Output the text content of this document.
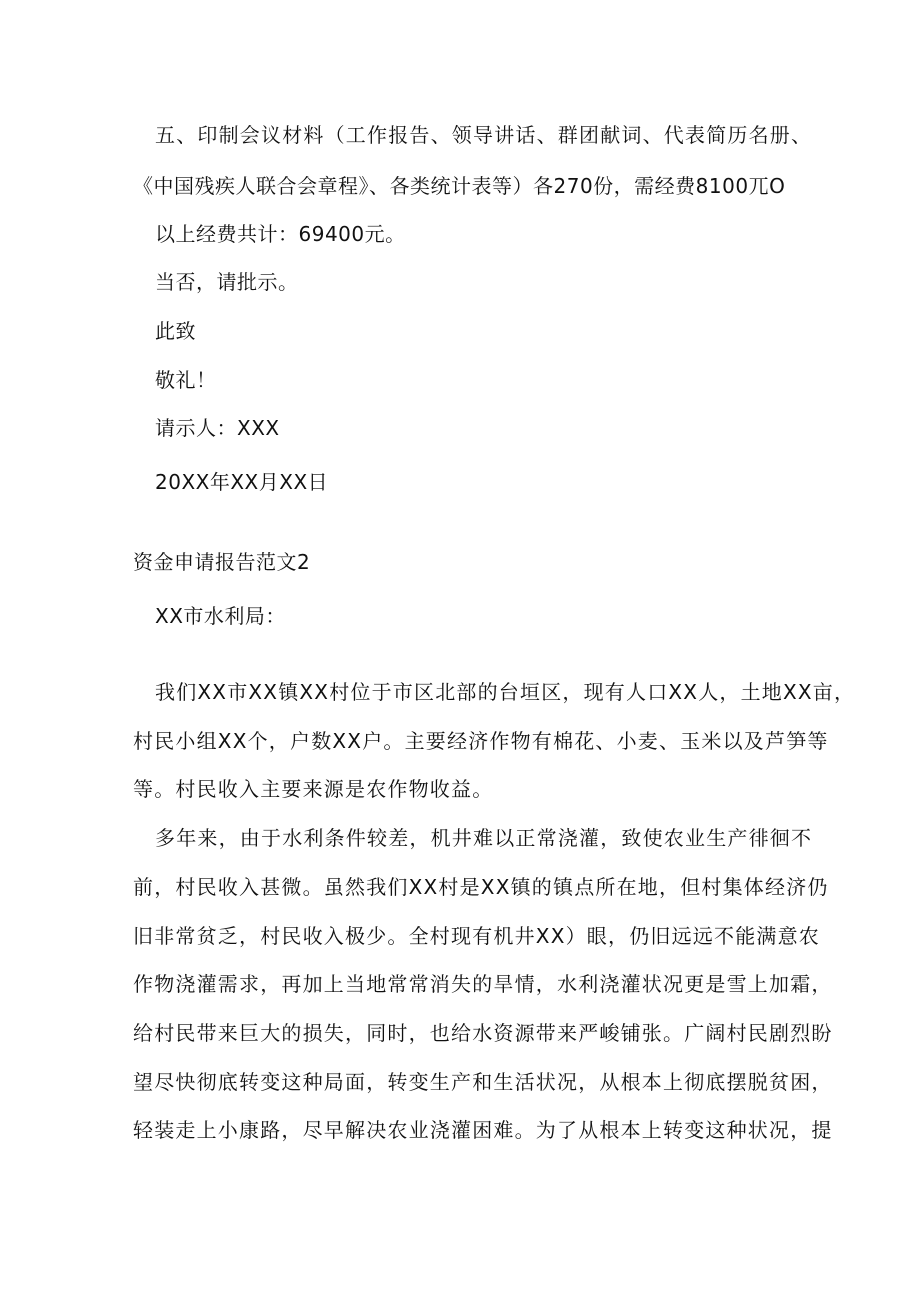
五、印制会议材料（工作报告、领导讲话、群团献词、代表简历名册、
《中国残疾人联合会章程》、各类统计表等）各270份，需经费8100兀O
以上经费共计：69400元。
当否，请批示。
此致
敬礼！
请示人：XXX
20XX年XX月XX日
资金申请报告范文2
XX市水利局：
我们XX市XX镇XX村位于市区北部的台垣区，现有人口XX人，土地XX亩，
村民小组XX个，户数XX户。主要经济作物有棉花、小麦、玉米以及芦笋等
等。村民收入主要来源是农作物收益。
多年来，由于水利条件较差，机井难以正常浇灌，致使农业生产徘徊不
前，村民收入甚微。虽然我们XX村是XX镇的镇点所在地，但村集体经济仍
旧非常贫乏，村民收入极少。全村现有机井XX）眼，仍旧远远不能满意农
作物浇灌需求，再加上当地常常消失的旱情，水利浇灌状况更是雪上加霜，
给村民带来巨大的损失，同时，也给水资源带来严峻铺张。广阔村民剧烈盼
望尽快彻底转变这种局面，转变生产和生活状况，从根本上彻底摆脱贫困，
轻装走上小康路，尽早解决农业浇灌困难。为了从根本上转变这种状况，提
